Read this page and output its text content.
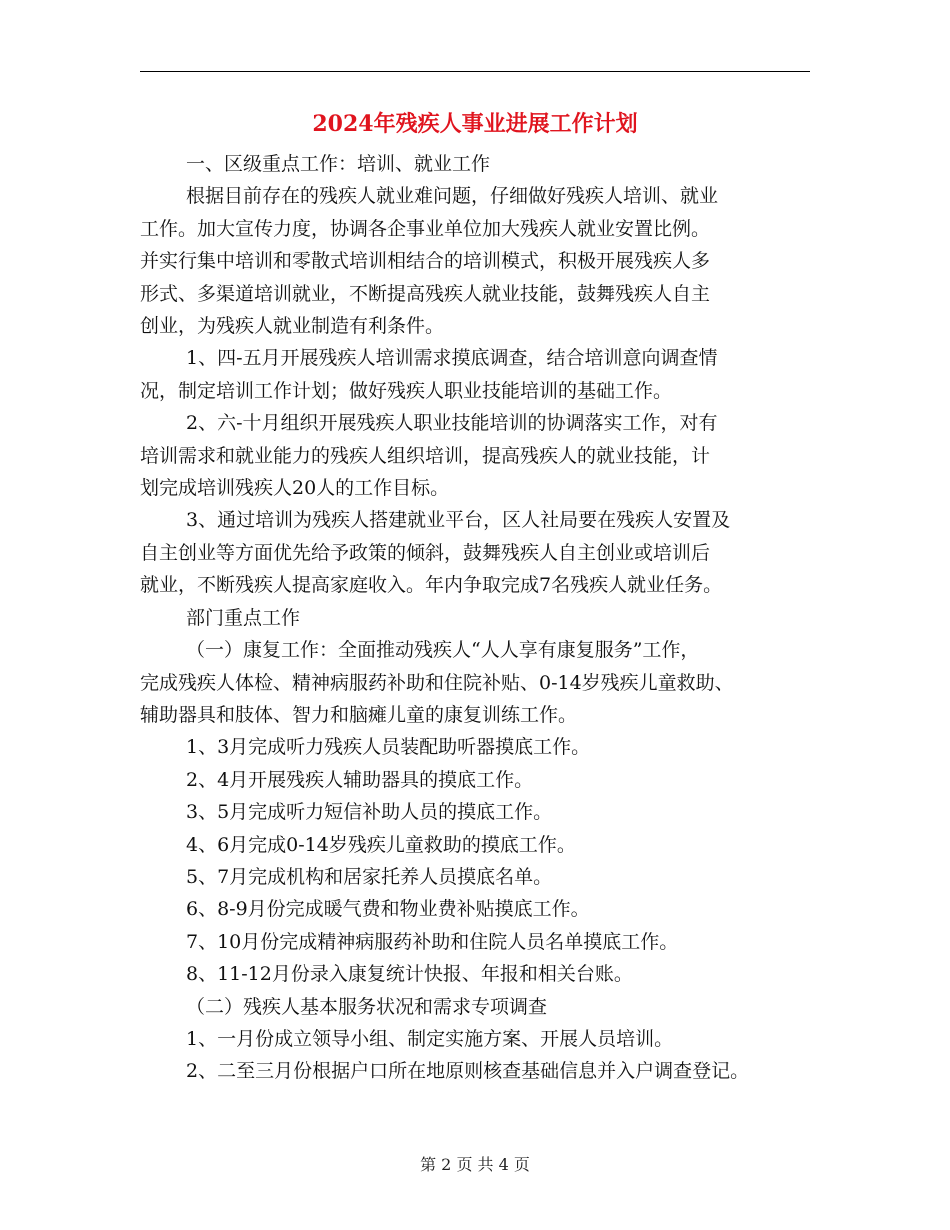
2024年残疾人事业进展工作计划

一、区级重点工作：培训、就业工作

根据目前存在的残疾人就业难问题，仔细做好残疾人培训、就业

工作。加大宣传力度，协调各企事业单位加大残疾人就业安置比例。

并实行集中培训和零散式培训相结合的培训模式，积极开展残疾人多

形式、多渠道培训就业，不断提高残疾人就业技能，鼓舞残疾人自主

创业，为残疾人就业制造有利条件。

1、四-五月开展残疾人培训需求摸底调查，结合培训意向调查情

况，制定培训工作计划；做好残疾人职业技能培训的基础工作。

2、六-十月组织开展残疾人职业技能培训的协调落实工作，对有

培训需求和就业能力的残疾人组织培训，提高残疾人的就业技能，计

划完成培训残疾人20人的工作目标。

3、通过培训为残疾人搭建就业平台，区人社局要在残疾人安置及

自主创业等方面优先给予政策的倾斜，鼓舞残疾人自主创业或培训后

就业，不断残疾人提高家庭收入。年内争取完成7名残疾人就业任务。

部门重点工作

（一）康复工作：全面推动残疾人“人人享有康复服务”工作，

完成残疾人体检、精神病服药补助和住院补贴、0-14岁残疾儿童救助、

辅助器具和肢体、智力和脑瘫儿童的康复训练工作。

1、3月完成听力残疾人员装配助听器摸底工作。

2、4月开展残疾人辅助器具的摸底工作。

3、5月完成听力短信补助人员的摸底工作。

4、6月完成0-14岁残疾儿童救助的摸底工作。

5、7月完成机构和居家托养人员摸底名单。

6、8-9月份完成暖气费和物业费补贴摸底工作。

7、10月份完成精神病服药补助和住院人员名单摸底工作。

8、11-12月份录入康复统计快报、年报和相关台账。

（二）残疾人基本服务状况和需求专项调查

1、一月份成立领导小组、制定实施方案、开展人员培训。

2、二至三月份根据户口所在地原则核查基础信息并入户调查登记。

第 2 页 共 4 页
